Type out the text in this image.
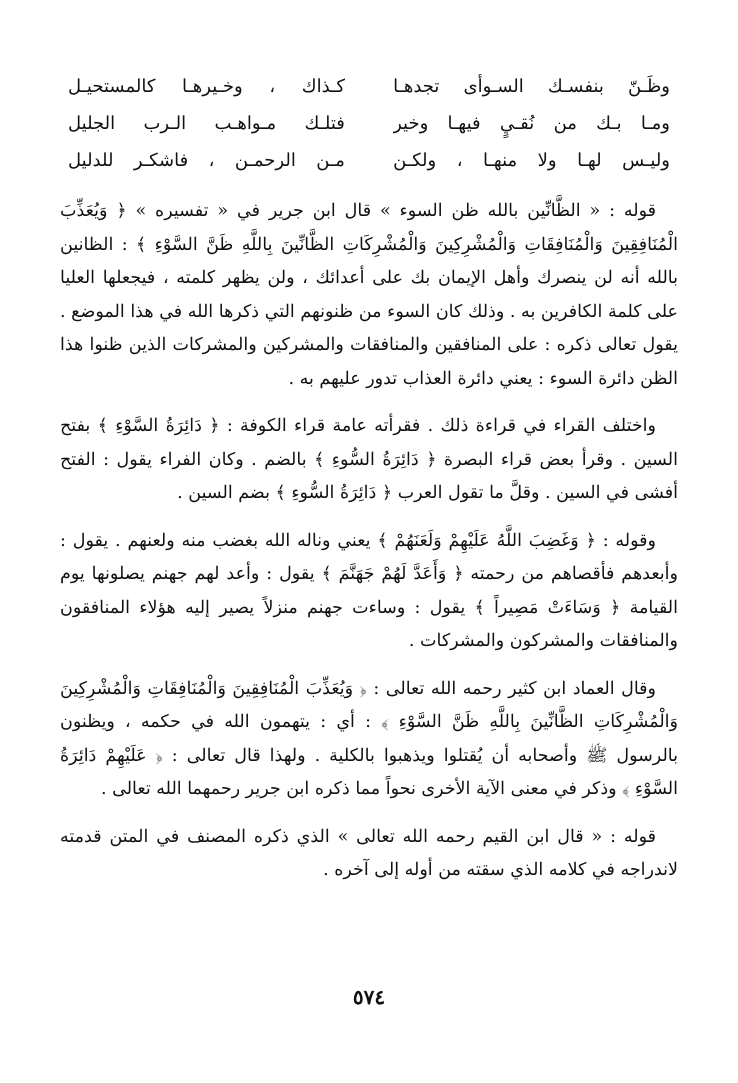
وظَـنّ بنفسـك السـوأى تجدهـا
كـذاك ، وخـيرهـا كالمستحيـل
ومـا بـك من نُقـيٍ فيهـا وخير
فتلـك مـواهـب الـرب الجليل
وليـس لهـا ولا منهـا ، ولكـن
مـن الرحمـن ، فاشكـر للدليل

قوله : « الظَّانِّين بالله ظن السوء » قال ابن جرير في « تفسيره » ﴿ وَيُعَذِّبَ الْمُنَافِقِينَ وَالْمُنَافِقَاتِ وَالْمُشْرِكِينَ وَالْمُشْرِكَاتِ الظَّانِّينَ بِاللَّهِ ظَنَّ السَّوْءِ ﴾ : الظانين بالله أنه لن ينصرك وأهل الإيمان بك على أعدائك ، ولن يظهر كلمته ، فيجعلها العليا على كلمة الكافرين به . وذلك كان السوء من ظنونهم التي ذكرها الله في هذا الموضع . يقول تعالى ذكره : على المنافقين والمنافقات والمشركين والمشركات الذين ظنوا هذا الظن دائرة السوء : يعني دائرة العذاب تدور عليهم به .

واختلف القراء في قراءة ذلك . فقرأته عامة قراء الكوفة : ﴿ دَائِرَةُ السَّوْءِ ﴾ بفتح السين . وقرأ بعض قراء البصرة ﴿ دَائِرَةُ السُّوءِ ﴾ بالضم . وكان الفراء يقول : الفتح أفشى في السين . وقلَّ ما تقول العرب ﴿ دَائِرَةُ السُّوءِ ﴾ بضم السين .

وقوله : ﴿ وَغَضِبَ اللَّهُ عَلَيْهِمْ وَلَعَنَهُمْ ﴾ يعني وناله الله بغضب منه ولعنهم . يقول : وأبعدهم فأقصاهم من رحمته ﴿ وَأَعَدَّ لَهُمْ جَهَنَّمَ ﴾ يقول : وأعد لهم جهنم يصلونها يوم القيامة ﴿ وَسَاءَتْ مَصِيراً ﴾ يقول : وساءت جهنم منزلاً يصير إليه هؤلاء المنافقون والمنافقات والمشركون والمشركات .

وقال العماد ابن كثير رحمه الله تعالى : ﴿ وَيُعَذِّبَ الْمُنَافِقِينَ وَالْمُنَافِقَاتِ وَالْمُشْرِكِينَ وَالْمُشْرِكَاتِ الظَّانِّينَ بِاللَّهِ ظَنَّ السَّوْءِ ﴾ : أي : يتهمون الله في حكمه ، ويظنون بالرسول ﷺ وأصحابه أن يُقتلوا ويذهبوا بالكلية . ولهذا قال تعالى : ﴿ عَلَيْهِمْ دَائِرَةُ السَّوْءِ ﴾ وذكر في معنى الآية الأخرى نحواً مما ذكره ابن جرير رحمهما الله تعالى .

قوله : « قال ابن القيم رحمه الله تعالى » الذي ذكره المصنف في المتن قدمته لاندراجه في كلامه الذي سقته من أوله إلى آخره .

٥٧٤
